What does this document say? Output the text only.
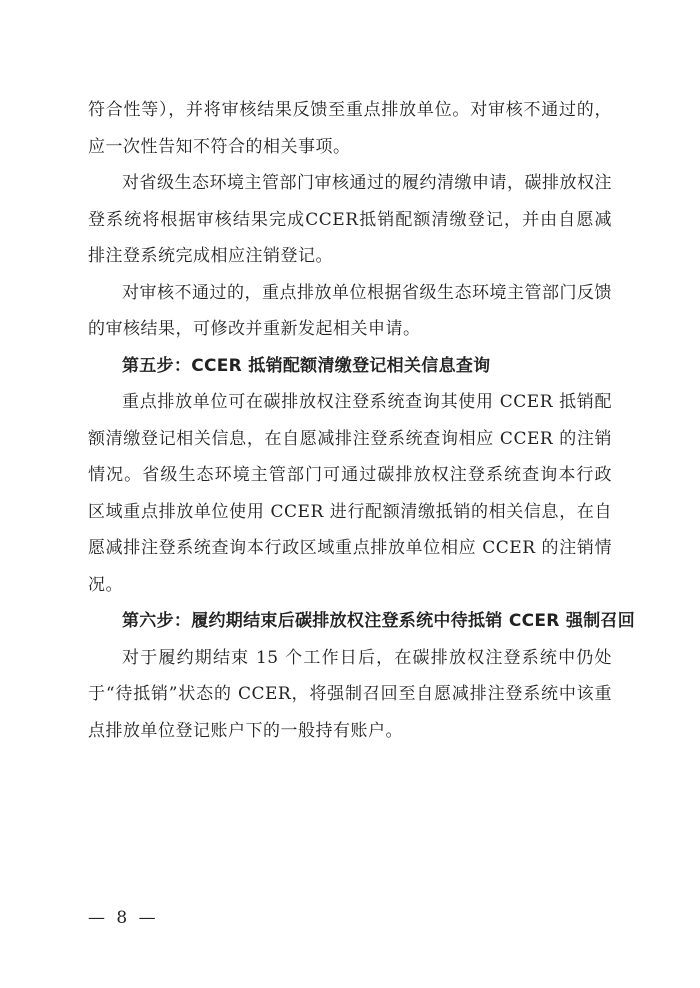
符合性等），并将审核结果反馈至重点排放单位。对审核不通过的，应一次性告知不符合的相关事项。

对省级生态环境主管部门审核通过的履约清缴申请，碳排放权注登系统将根据审核结果完成CCER抵销配额清缴登记，并由自愿减排注登系统完成相应注销登记。

对审核不通过的，重点排放单位根据省级生态环境主管部门反馈的审核结果，可修改并重新发起相关申请。

第五步：CCER 抵销配额清缴登记相关信息查询

重点排放单位可在碳排放权注登系统查询其使用 CCER 抵销配额清缴登记相关信息，在自愿减排注登系统查询相应 CCER 的注销情况。省级生态环境主管部门可通过碳排放权注登系统查询本行政区域重点排放单位使用 CCER 进行配额清缴抵销的相关信息，在自愿减排注登系统查询本行政区域重点排放单位相应 CCER 的注销情况。

第六步：履约期结束后碳排放权注登系统中待抵销 CCER 强制召回

对于履约期结束 15 个工作日后，在碳排放权注登系统中仍处于“待抵销”状态的 CCER，将强制召回至自愿减排注登系统中该重点排放单位登记账户下的一般持有账户。

— 8 —
